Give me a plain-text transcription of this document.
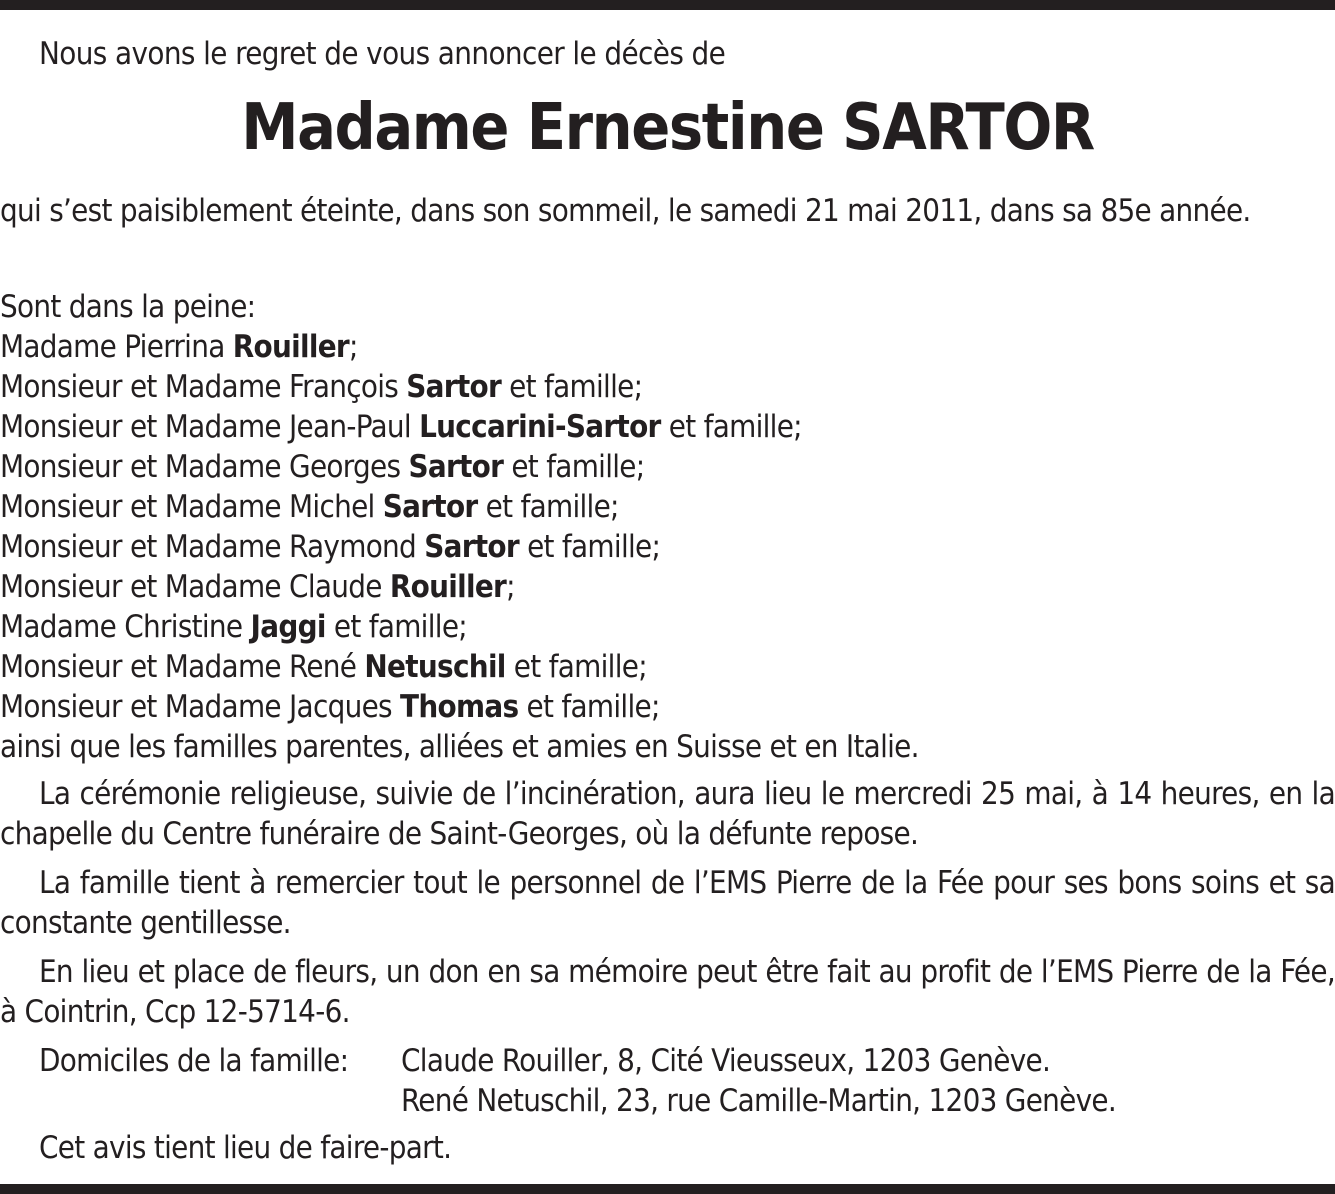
Nous avons le regret de vous annoncer le décès de
Madame Ernestine SARTOR
qui s’est paisiblement éteinte, dans son sommeil, le samedi 21 mai 2011, dans sa 85e année.
Sont dans la peine:
Madame Pierrina Rouiller;
Monsieur et Madame François Sartor et famille;
Monsieur et Madame Jean-Paul Luccarini-Sartor et famille;
Monsieur et Madame Georges Sartor et famille;
Monsieur et Madame Michel Sartor et famille;
Monsieur et Madame Raymond Sartor et famille;
Monsieur et Madame Claude Rouiller;
Madame Christine Jaggi et famille;
Monsieur et Madame René Netuschil et famille;
Monsieur et Madame Jacques Thomas et famille;
ainsi que les familles parentes, alliées et amies en Suisse et en Italie.
La cérémonie religieuse, suivie de l’incinération, aura lieu le mercredi 25 mai, à 14 heures, en la chapelle du Centre funéraire de Saint-Georges, où la défunte repose.
La famille tient à remercier tout le personnel de l’EMS Pierre de la Fée pour ses bons soins et sa constante gentillesse.
En lieu et place de fleurs, un don en sa mémoire peut être fait au profit de l’EMS Pierre de la Fée, à Cointrin, Ccp 12-5714-6.
Domiciles de la famille:	Claude Rouiller, 8, Cité Vieusseux, 1203 Genève.
René Netuschil, 23, rue Camille-Martin, 1203 Genève.
Cet avis tient lieu de faire-part.
